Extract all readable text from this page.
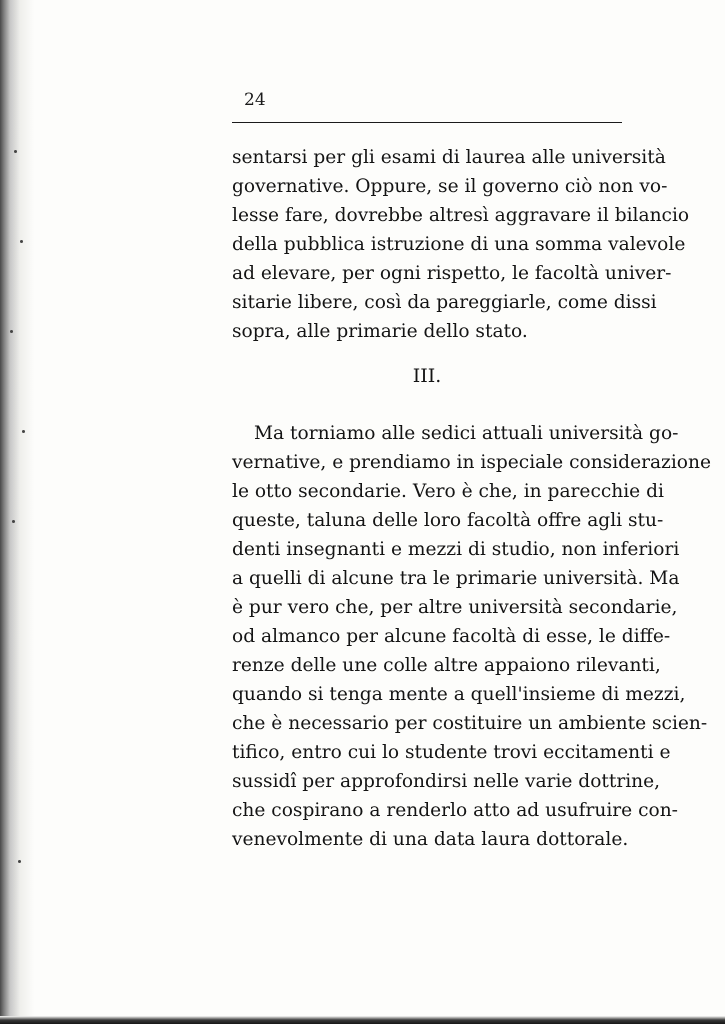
24
sentarsi per gli esami di laurea alle università
governative. Oppure, se il governo ciò non vo-
lesse fare, dovrebbe altresì aggravare il bilancio
della pubblica istruzione di una somma valevole
ad elevare, per ogni rispetto, le facoltà univer-
sitarie libere, così da pareggiarle, come dissi
sopra, alle primarie dello stato.
III.
Ma torniamo alle sedici attuali università go-
vernative, e prendiamo in ispeciale considerazione
le otto secondarie. Vero è che, in parecchie di
queste, taluna delle loro facoltà offre agli stu-
denti insegnanti e mezzi di studio, non inferiori
a quelli di alcune tra le primarie università. Ma
è pur vero che, per altre università secondarie,
od almanco per alcune facoltà di esse, le diffe-
renze delle une colle altre appaiono rilevanti,
quando si tenga mente a quell'insieme di mezzi,
che è necessario per costituire un ambiente scien-
tifico, entro cui lo studente trovi eccitamenti e
sussidî per approfondirsi nelle varie dottrine,
che cospirano a renderlo atto ad usufruire con-
venevolmente di una data laura dottorale.
